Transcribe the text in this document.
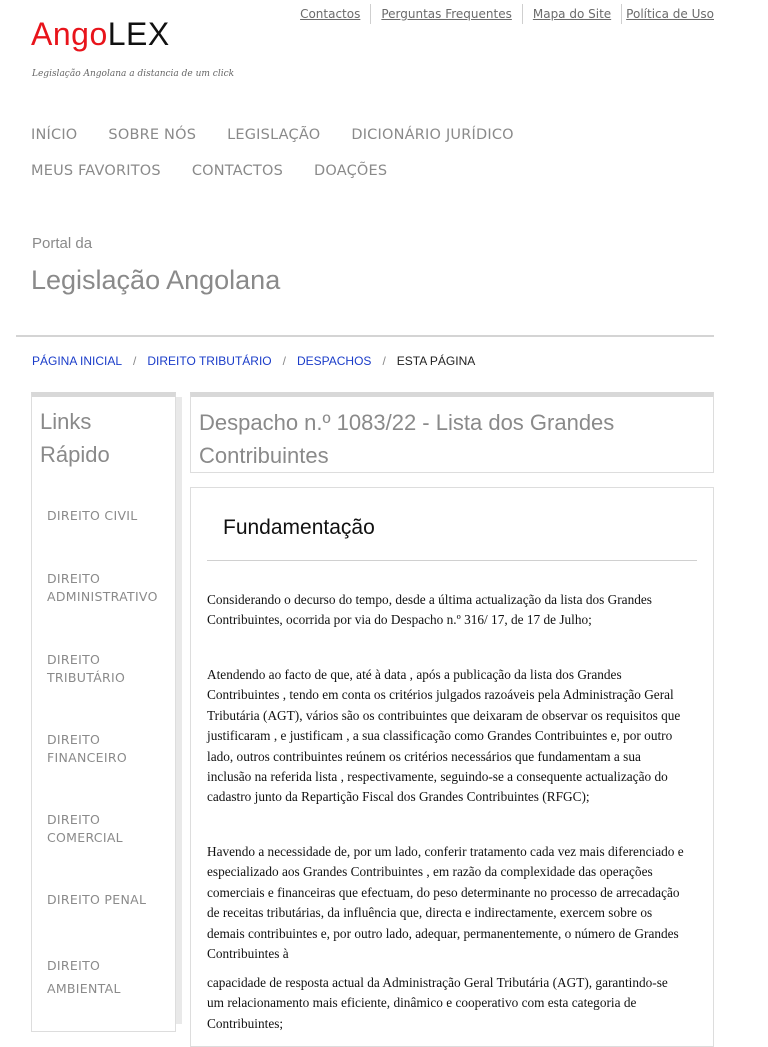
Contactos	Perguntas Frequentes	Mapa do Site	Política de Uso
AngoLEX
Legislação Angolana a distancia de um click
INÍCIO SOBRE NÓS LEGISLAÇÃO DICIONÁRIO JURÍDICO
MEUS FAVORITOS CONTACTOS DOAÇÕES
Portal da
Legislação Angolana
PÁGINA INICIAL / DIREITO TRIBUTÁRIO / DESPACHOS / ESTA PÁGINA
Links Rápido
DIREITO CIVIL
DIREITO ADMINISTRATIVO
DIREITO TRIBUTÁRIO
DIREITO FINANCEIRO
DIREITO COMERCIAL
DIREITO PENAL
DIREITO AMBIENTAL
Despacho n.º 1083/22 - Lista dos Grandes Contribuintes
Fundamentação

Considerando o decurso do tempo, desde a última actualização da lista dos Grandes Contribuintes, ocorrida por via do Despacho n.º 316/ 17, de 17 de Julho;

Atendendo ao facto de que, até à data , após a publicação da lista dos Grandes Contribuintes , tendo em conta os critérios julgados razoáveis pela Administração Geral Tributária (AGT), vários são os contribuintes que deixaram de observar os requisitos que justificaram , e justificam , a sua classificação como Grandes Contribuintes e, por outro lado, outros contribuintes reúnem os critérios necessários que fundamentam a sua inclusão na referida lista , respectivamente, seguindo-se a consequente actualização do cadastro junto da Repartição Fiscal dos Grandes Contribuintes (RFGC);

Havendo a necessidade de, por um lado, conferir tratamento cada vez mais diferenciado e especializado aos Grandes Contribuintes , em razão da complexidade das operações comerciais e financeiras que efectuam, do peso determinante no processo de arrecadação de receitas tributárias, da influência que, directa e indirectamente, exercem sobre os demais contribuintes e, por outro lado, adequar, permanentemente, o número de Grandes Contribuintes à

capacidade de resposta actual da Administração Geral Tributária (AGT), garantindo-se um relacionamento mais eficiente, dinâmico e cooperativo com esta categoria de Contribuintes;
